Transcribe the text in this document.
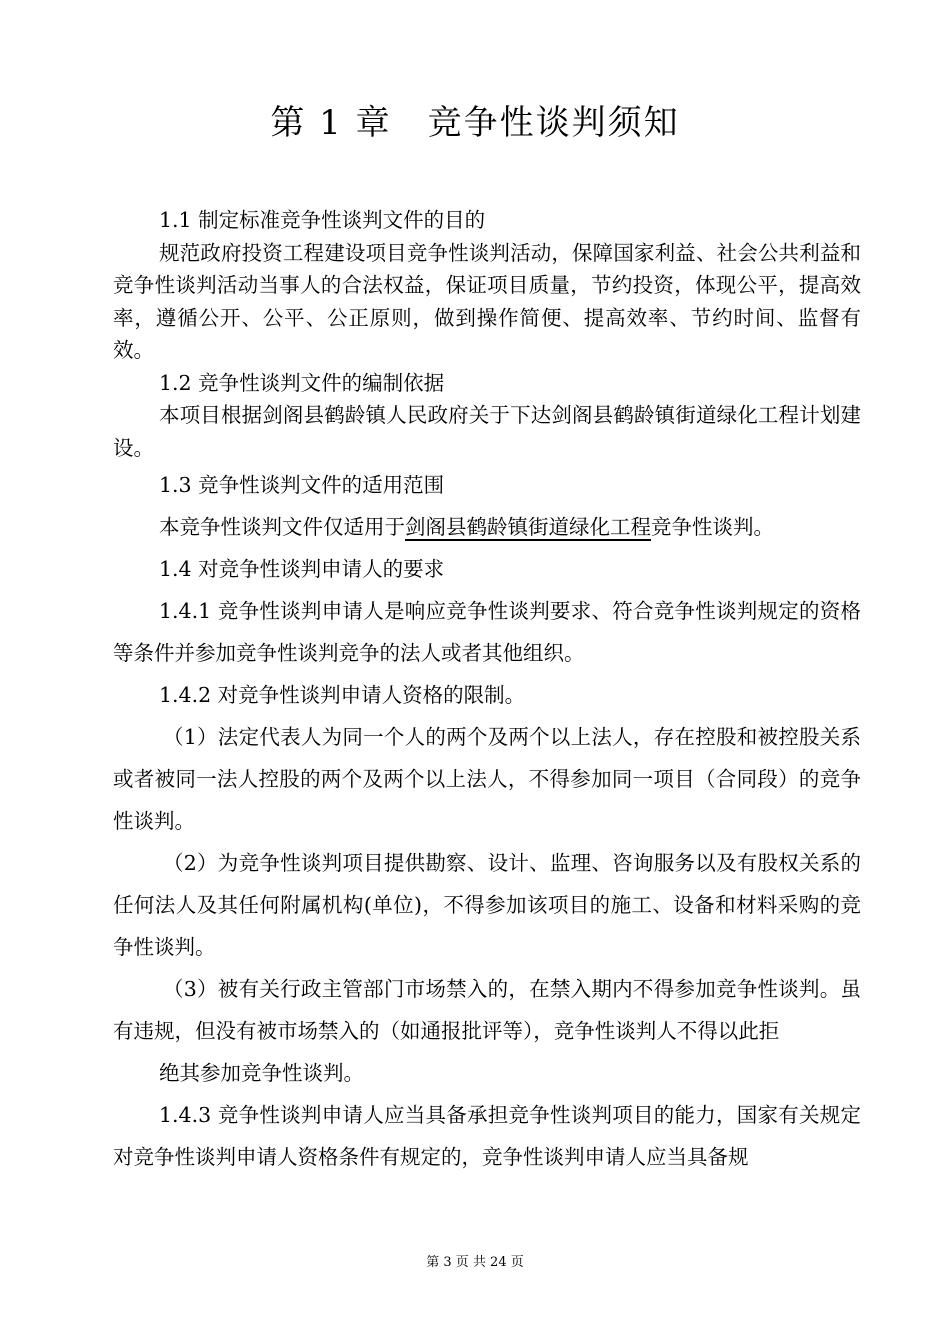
第 1 章　竞争性谈判须知

1.1 制定标准竞争性谈判文件的目的

规范政府投资工程建设项目竞争性谈判活动，保障国家利益、社会公共利益和竞争性谈判活动当事人的合法权益，保证项目质量，节约投资，体现公平，提高效率，遵循公开、公平、公正原则，做到操作简便、提高效率、节约时间、监督有效。

1.2 竞争性谈判文件的编制依据

本项目根据剑阁县鹤龄镇人民政府关于下达剑阁县鹤龄镇街道绿化工程计划建设。

1.3 竞争性谈判文件的适用范围

本竞争性谈判文件仅适用于剑阁县鹤龄镇街道绿化工程竞争性谈判。

1.4 对竞争性谈判申请人的要求

1.4.1 竞争性谈判申请人是响应竞争性谈判要求、符合竞争性谈判规定的资格等条件并参加竞争性谈判竞争的法人或者其他组织。

1.4.2 对竞争性谈判申请人资格的限制。

（1）法定代表人为同一个人的两个及两个以上法人，存在控股和被控股关系或者被同一法人控股的两个及两个以上法人，不得参加同一项目（合同段）的竞争性谈判。

（2）为竞争性谈判项目提供勘察、设计、监理、咨询服务以及有股权关系的任何法人及其任何附属机构(单位)，不得参加该项目的施工、设备和材料采购的竞争性谈判。

（3）被有关行政主管部门市场禁入的，在禁入期内不得参加竞争性谈判。虽有违规，但没有被市场禁入的（如通报批评等），竞争性谈判人不得以此拒

绝其参加竞争性谈判。

1.4.3 竞争性谈判申请人应当具备承担竞争性谈判项目的能力，国家有关规定对竞争性谈判申请人资格条件有规定的，竞争性谈判申请人应当具备规

第 3 页 共 24 页
